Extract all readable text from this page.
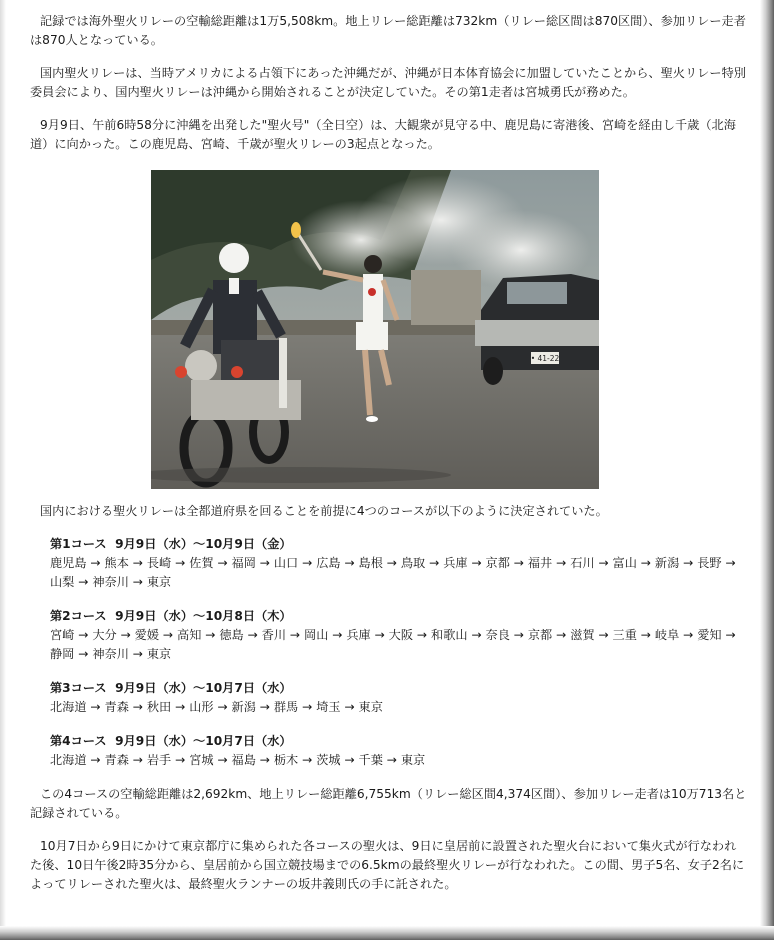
記録では海外聖火リレーの空輸総距離は1万5,508km。地上リレー総距離は732km（リレー総区間は870区間）、参加リレー走者は870人となっている。

国内聖火リレーは、当時アメリカによる占領下にあった沖縄だが、沖縄が日本体育協会に加盟していたことから、聖火リレー特別委員会により、国内聖火リレーは沖縄から開始されることが決定していた。その第1走者は宮城勇氏が務めた。

9月9日、午前6時58分に沖縄を出発した"聖火号"（全日空）は、大観衆が見守る中、鹿児島に寄港後、宮崎を経由し千歳（北海道）に向かった。この鹿児島、宮崎、千歳が聖火リレーの3起点となった。

• 41-22

国内における聖火リレーは全都道府県を回ることを前提に4つのコースが以下のように決定されていた。

第1コース 9月9日（水）～10月9日（金）

鹿児島 → 熊本 → 長崎 → 佐賀 → 福岡 → 山口 → 広島 → 島根 → 鳥取 → 兵庫 → 京都 → 福井 → 石川 → 富山 → 新潟 → 長野 → 山梨 → 神奈川 → 東京

第2コース 9月9日（水）～10月8日（木）

宮崎 → 大分 → 愛媛 → 高知 → 徳島 → 香川 → 岡山 → 兵庫 → 大阪 → 和歌山 → 奈良 → 京都 → 滋賀 → 三重 → 岐阜 → 愛知 → 静岡 → 神奈川 → 東京

第3コース 9月9日（水）～10月7日（水）

北海道 → 青森 → 秋田 → 山形 → 新潟 → 群馬 → 埼玉 → 東京

第4コース 9月9日（水）～10月7日（水）

北海道 → 青森 → 岩手 → 宮城 → 福島 → 栃木 → 茨城 → 千葉 → 東京

この4コースの空輸総距離は2,692km、地上リレー総距離6,755km（リレー総区間4,374区間）、参加リレー走者は10万713名と記録されている。

10月7日から9日にかけて東京都庁に集められた各コースの聖火は、9日に皇居前に設置された聖火台において集火式が行なわれた後、10日午後2時35分から、皇居前から国立競技場までの6.5kmの最終聖火リレーが行なわれた。この間、男子5名、女子2名によってリレーされた聖火は、最終聖火ランナーの坂井義則氏の手に託された。
